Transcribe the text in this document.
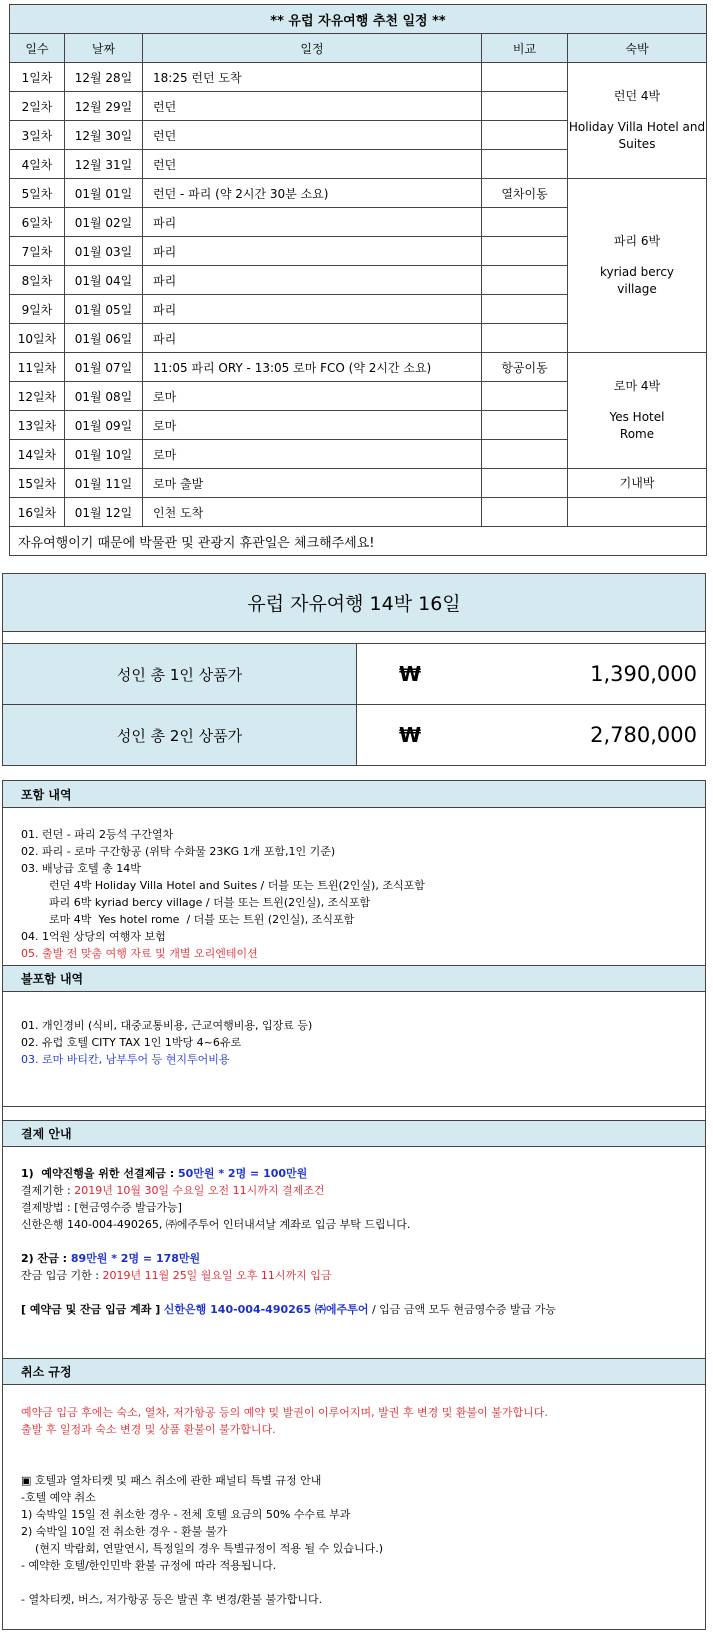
** 유럽 자유여행 추천 일정 **				
일수	날짜	일정	비교	숙박
1일차	12월 28일	18:25 런던 도착		런던 4박
Holiday Villa Hotel and Suites

2일차	12월 29일	런던		
3일차	12월 30일	런던		
4일차	12월 31일	런던		
5일차	01월 01일	런던 - 파리 (약 2시간 30분 소요)	열차이동	파리 6박
kyriad bercy village

6일차	01월 02일	파리		
7일차	01월 03일	파리		
8일차	01월 04일	파리		
9일차	01월 05일	파리		
10일차	01월 06일	파리		
11일차	01월 07일	11:05 파리 ORY - 13:05 로마 FCO (약 2시간 소요)	항공이동	로마 4박
Yes Hotel Rome

12일차	01월 08일	로마		
13일차	01월 09일	로마		
14일차	01월 10일	로마		
15일차	01월 11일	로마 출발		기내박
16일차	01월 12일	인천 도착		
자유여행이기 때문에 박물관 및 관광지 휴관일은 체크해주세요!				
유럽 자유여행 14박 16일
성인 총 1인 상품가	₩	1,390,000
성인 총 2인 상품가	₩	2,780,000
포함 내역
01. 런던 - 파리 2등석 구간열차
02. 파리 - 로마 구간항공 (위탁 수화물 23KG 1개 포함,1인 기준)
03. 배낭급 호텔 총 14박
런던 4박 Holiday Villa Hotel and Suites / 더블 또는 트윈(2인실), 조식포함
파리 6박 kyriad bercy village / 더블 또는 트윈(2인실), 조식포함
로마 4박  Yes hotel rome  / 더블 또는 트윈 (2인실), 조식포함
04. 1억원 상당의 여행자 보험
05. 출발 전 맞춤 여행 자료 및 개별 오리엔테이션
불포함 내역
01. 개인경비 (식비, 대중교통비용, 근교여행비용, 입장료 등)
02. 유럽 호텔 CITY TAX 1인 1박당 4~6유로
03. 로마 바티칸, 남부투어 등 현지투어비용
결제 안내
1)  예약진행을 위한 선결제금 : 50만원 * 2명 = 100만원
결제기한 : 2019년 10월 30일 수요일 오전 11시까지 결제조건
결제방법 : [현금영수증 발급가능]
신한은행 140-004-490265, ㈜에주투어 인터내셔날 계좌로 입금 부탁 드립니다.
2) 잔금 : 89만원 * 2명 = 178만원
잔금 입금 기한 : 2019년 11월 25일 월요일 오후 11시까지 입금
[ 예약금 및 잔금 입금 계좌 ] 신한은행 140-004-490265 ㈜에주투어 / 입금 금액 모두 현금영수증 발급 가능
취소 규정
예약금 입금 후에는 숙소, 열차, 저가항공 등의 예약 및 발권이 이루어지며, 발권 후 변경 및 환불이 불가합니다.
출발 후 일정과 숙소 변경 및 상품 환불이 불가합니다.
▣ 호텔과 열차티켓 및 패스 취소에 관한 패널티 특별 규정 안내
-호텔 예약 취소
1) 숙박일 15일 전 취소한 경우 - 전체 호텔 요금의 50% 수수료 부과
2) 숙박일 10일 전 취소한 경우 - 환불 불가
(현지 박람회, 연말연시, 특정일의 경우 특별규정이 적용 될 수 있습니다.)
- 예약한 호텔/한인민박 환불 규정에 따라 적용됩니다.
- 열차티켓, 버스, 저가항공 등은 발권 후 변경/환불 불가합니다.
